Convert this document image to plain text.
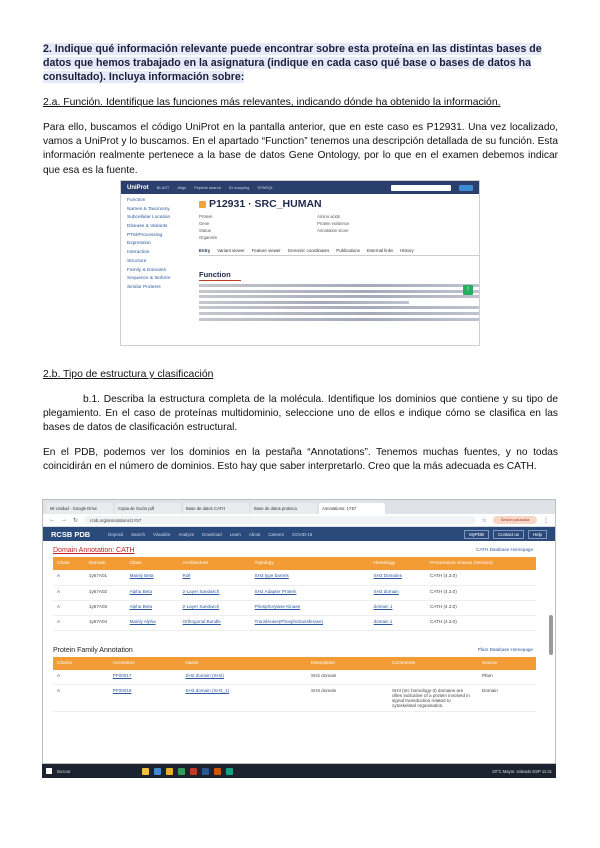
2. Indique qué información relevante puede encontrar sobre esta proteína en las distintas bases de datos que hemos trabajado en la asignatura (indique en cada caso qué base o bases de datos ha consultado). Incluya información sobre:
2.a. Función. Identifique las funciones más relevantes, indicando dónde ha obtenido la información.
Para ello, buscamos el código UniProt en la pantalla anterior, que en este caso es P12931. Una vez localizado, vamos a UniProt y lo buscamos. En el apartado “Function” tenemos una descripción detallada de su función. Esta información realmente pertenece a la base de datos Gene Ontology, por lo que en el examen debemos indicar que esa es la fuente.
UniProt BLAST Align Peptide search ID mapping SPARQL
Function
Names & Taxonomy
Subcellular Location
Disease & Variants
PTM/Processing
Expression
Interaction
Structure
Family & Domains
Sequence & Isoform
Similar Proteins
P12931 · SRC_HUMAN
Protein
Gene
Status
Organism
Amino acids
Protein existence
Annotation score
Entry Variant viewer Feature viewer Genomic coordinates Publications External links History
Function
!
2.b. Tipo de estructura y clasificación
b.1. Describa la estructura completa de la molécula. Identifique los dominios que contiene y su tipo de plegamiento. En el caso de proteínas multidominio, seleccione uno de ellos e indique cómo se clasifica en las bases de datos de clasificación estructural.
En el PDB, podemos ver los dominios en la pestaña “Annotations”. Tenemos muchas fuentes, y no todas coincidirán en el número de dominios. Esto hay que saber interpretarlo. Creo que la más adecuada es CATH.
Mi Unidad - Google Drive	Copia de Guión pdf	Base de datos CATH	Base de datos proteica	Annotations: 1Y57
← → ↻	rcsb.org/annotations/1Y57	☆	Sesión pausada	⋮
RCSB PDB	Deposit Search Visualize Analyze Download Learn About Careers COVID-19	MyPDB	Contact us	Help
Domain Annotation: CATH	CATH Database Homepage
Chain	Domain	Class	Architecture	Topology	Homology	Provenance Source (Version)
A	1y57A01	Mainly Beta	Roll	SH3 type barrels	SH3 Domains	CATH (4.3.0)
A	1y57A02	Alpha Beta	2-Layer Sandwich	SH2 Adapter Protein	SH2 domain	CATH (4.3.0)
A	1y57A03	Alpha Beta	2-Layer Sandwich	Phosphorylase Kinase	domain 1	CATH (4.3.0)
A	1y57A04	Mainly Alpha	Orthogonal Bundle	Transferase(Phosphotransferase)	domain 1	CATH (4.3.0)
Protein Family Annotation	Pfam Database Homepage
Chains	Accession	Name	Description	Comments	Source
A	PF00017	SH2 domain (SH2)	SH2 domain		Pfam
A	PF00018	SH3 domain (SH3_1)	SH3 domain	SH3 (src homology-3) domains are often indicative of a protein involved in signal transduction related to cytoskeletal organisation.	Domain
Buscar	20°C Mayor. soleado ESP 11:41
